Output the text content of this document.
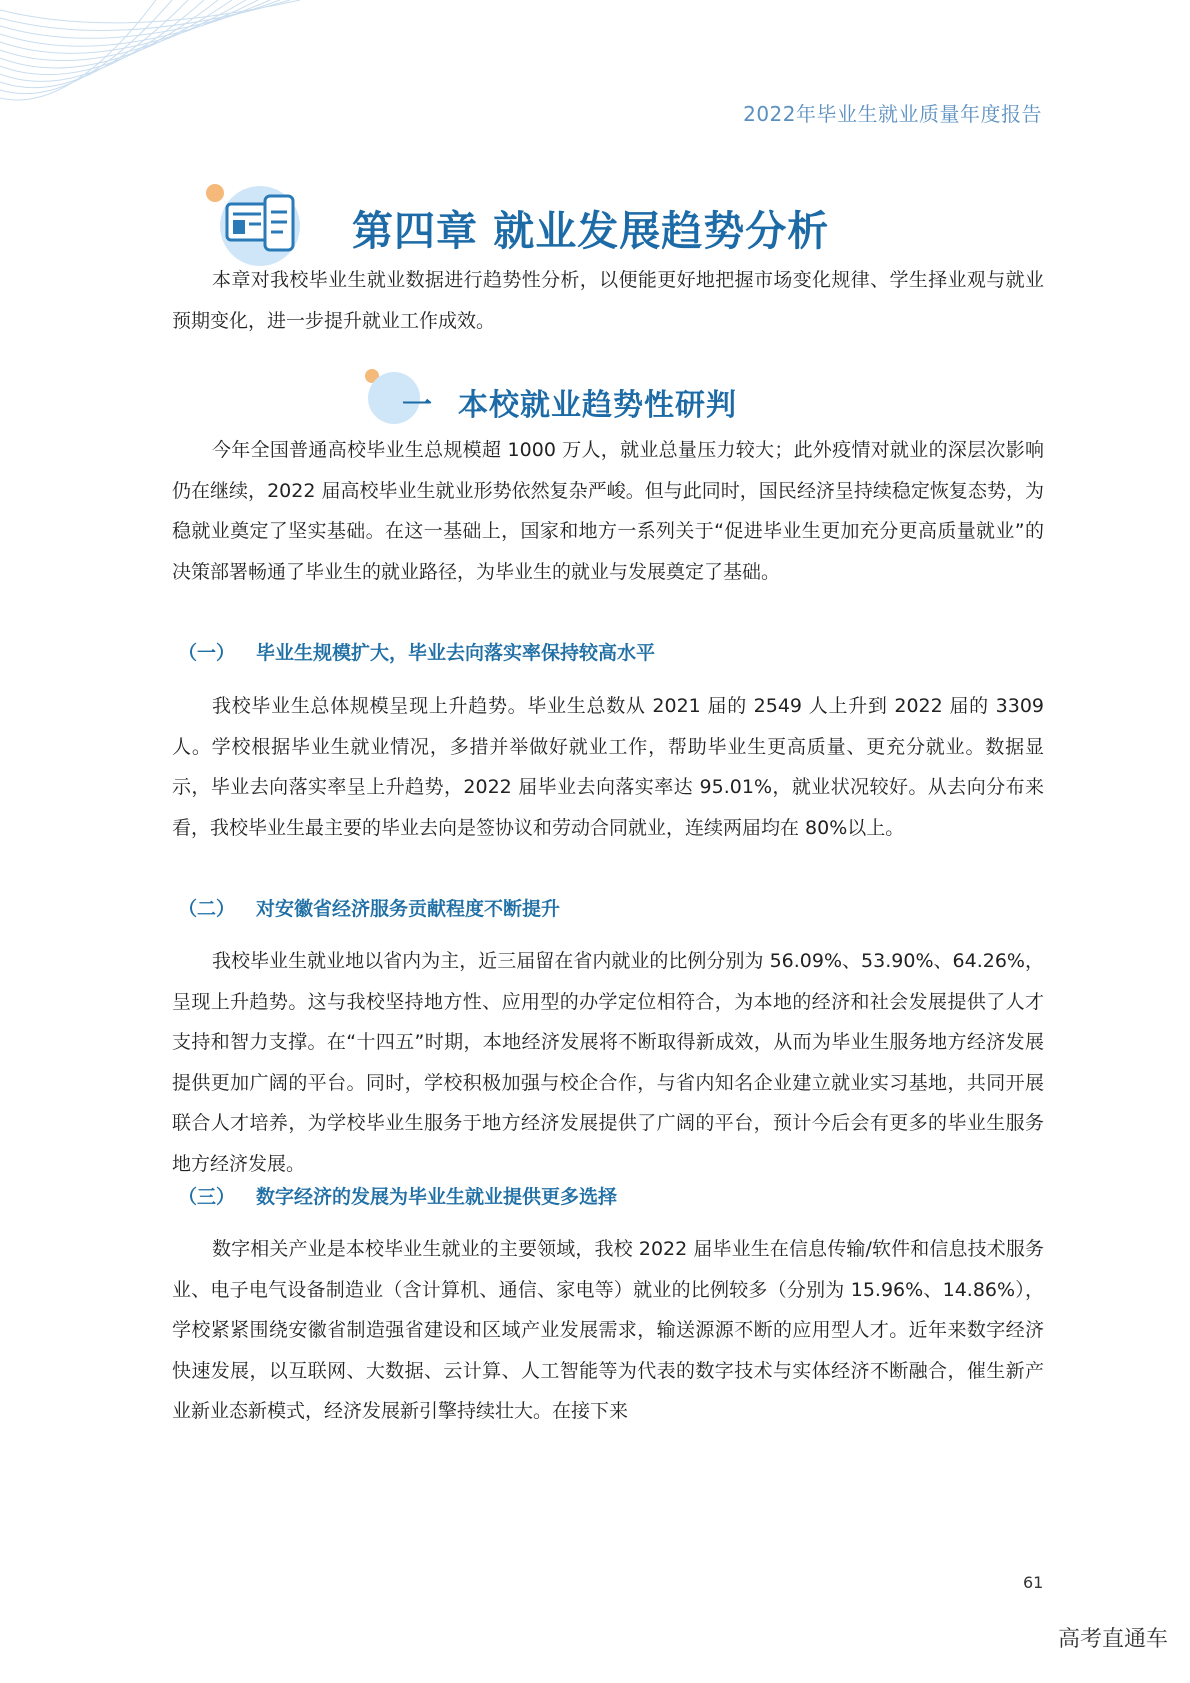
2022年毕业生就业质量年度报告
第四章 就业发展趋势分析
本章对我校毕业生就业数据进行趋势性分析，以便能更好地把握市场变化规律、学生择业观与就业预期变化，进一步提升就业工作成效。
一 本校就业趋势性研判
今年全国普通高校毕业生总规模超 1000 万人，就业总量压力较大；此外疫情对就业的深层次影响仍在继续，2022 届高校毕业生就业形势依然复杂严峻。但与此同时，国民经济呈持续稳定恢复态势，为稳就业奠定了坚实基础。在这一基础上，国家和地方一系列关于“促进毕业生更加充分更高质量就业”的决策部署畅通了毕业生的就业路径，为毕业生的就业与发展奠定了基础。
（一） 毕业生规模扩大，毕业去向落实率保持较高水平
我校毕业生总体规模呈现上升趋势。毕业生总数从 2021 届的 2549 人上升到 2022 届的 3309 人。学校根据毕业生就业情况，多措并举做好就业工作，帮助毕业生更高质量、更充分就业。数据显示，毕业去向落实率呈上升趋势，2022 届毕业去向落实率达 95.01%，就业状况较好。从去向分布来看，我校毕业生最主要的毕业去向是签协议和劳动合同就业，连续两届均在 80%以上。
（二） 对安徽省经济服务贡献程度不断提升
我校毕业生就业地以省内为主，近三届留在省内就业的比例分别为 56.09%、53.90%、64.26%，呈现上升趋势。这与我校坚持地方性、应用型的办学定位相符合，为本地的经济和社会发展提供了人才支持和智力支撑。在“十四五”时期，本地经济发展将不断取得新成效，从而为毕业生服务地方经济发展提供更加广阔的平台。同时，学校积极加强与校企合作，与省内知名企业建立就业实习基地，共同开展联合人才培养，为学校毕业生服务于地方经济发展提供了广阔的平台，预计今后会有更多的毕业生服务地方经济发展。
（三） 数字经济的发展为毕业生就业提供更多选择
数字相关产业是本校毕业生就业的主要领域，我校 2022 届毕业生在信息传输/软件和信息技术服务业、电子电气设备制造业（含计算机、通信、家电等）就业的比例较多（分别为 15.96%、14.86%），学校紧紧围绕安徽省制造强省建设和区域产业发展需求，输送源源不断的应用型人才。近年来数字经济快速发展，以互联网、大数据、云计算、人工智能等为代表的数字技术与实体经济不断融合，催生新产业新业态新模式，经济发展新引擎持续壮大。在接下来
61
高考直通车
